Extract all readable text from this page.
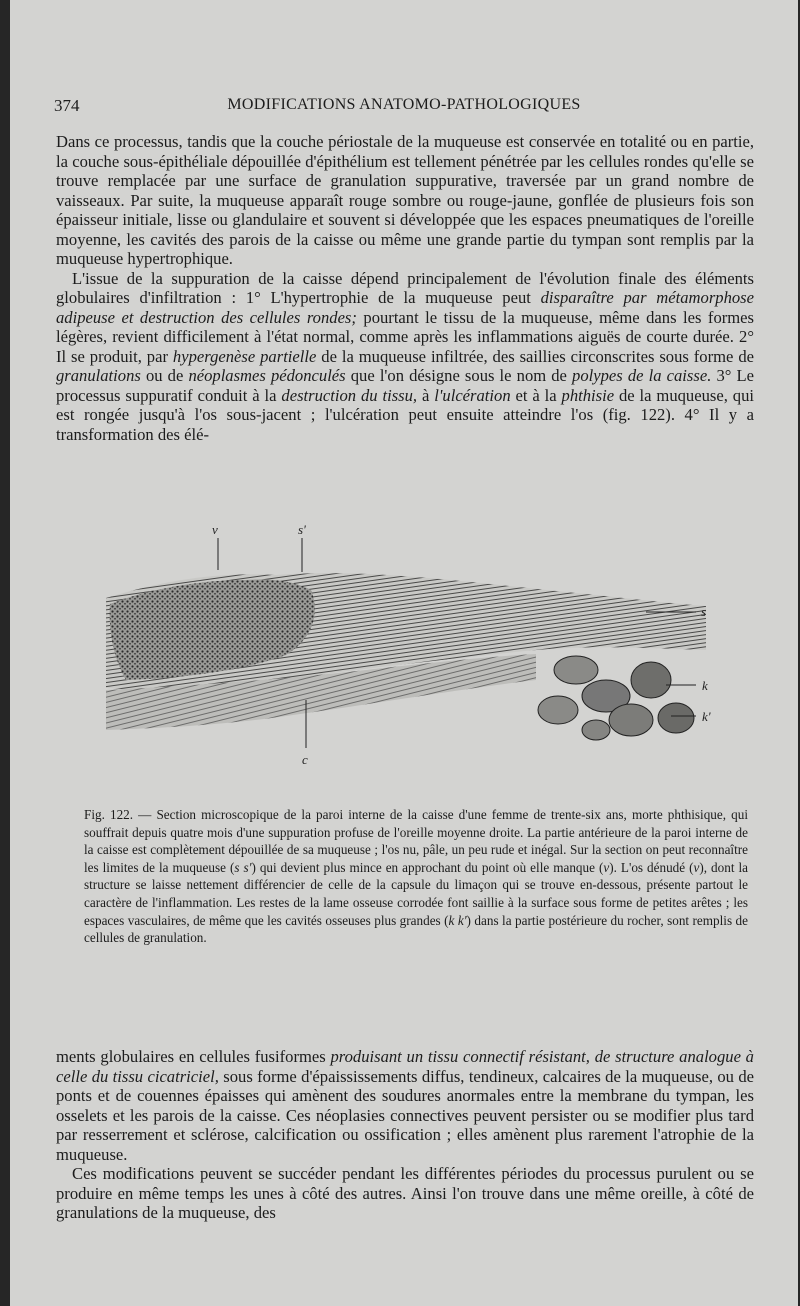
374	MODIFICATIONS ANATOMO-PATHOLOGIQUES

Dans ce processus, tandis que la couche périostale de la muqueuse est conservée en totalité ou en partie, la couche sous-épithéliale dépouillée d'épithélium est tellement pénétrée par les cellules rondes qu'elle se trouve remplacée par une surface de granulation suppurative, traversée par un grand nombre de vaisseaux. Par suite, la muqueuse apparaît rouge sombre ou rouge-jaune, gonflée de plusieurs fois son épaisseur initiale, lisse ou glandulaire et souvent si développée que les espaces pneumatiques de l'oreille moyenne, les cavités des parois de la caisse ou même une grande partie du tympan sont remplis par la muqueuse hypertrophique.

L'issue de la suppuration de la caisse dépend principalement de l'évolution finale des éléments globulaires d'infiltration : 1° L'hypertrophie de la muqueuse peut disparaître par métamorphose adipeuse et destruction des cellules rondes; pourtant le tissu de la muqueuse, même dans les formes légères, revient difficilement à l'état normal, comme après les inflammations aiguës de courte durée. 2° Il se produit, par hypergenèse partielle de la muqueuse infiltrée, des saillies circonscrites sous forme de granulations ou de néoplasmes pédonculés que l'on désigne sous le nom de polypes de la caisse. 3° Le processus suppuratif conduit à la destruction du tissu, à l'ulcération et à la phthisie de la muqueuse, qui est rongée jusqu'à l'os sous-jacent ; l'ulcération peut ensuite atteindre l'os (fig. 122). 4° Il y a transformation des élé-

v	s'
s
k
k'
c
Fig. 122. — Section microscopique de la paroi interne de la caisse d'une femme de trente-six ans, morte phthisique, qui souffrait depuis quatre mois d'une suppuration profuse de l'oreille moyenne droite. La partie antérieure de la paroi interne de la caisse est complètement dépouillée de sa muqueuse ; l'os nu, pâle, un peu rude et inégal. Sur la section on peut reconnaître les limites de la muqueuse (s s') qui devient plus mince en approchant du point où elle manque (v). L'os dénudé (v), dont la structure se laisse nettement différencier de celle de la capsule du limaçon qui se trouve en-dessous, présente partout le caractère de l'inflammation. Les restes de la lame osseuse corrodée font saillie à la surface sous forme de petites arêtes ; les espaces vasculaires, de même que les cavités osseuses plus grandes (k k') dans la partie postérieure du rocher, sont remplis de cellules de granulation.

ments globulaires en cellules fusiformes produisant un tissu connectif résistant, de structure analogue à celle du tissu cicatriciel, sous forme d'épaississements diffus, tendineux, calcaires de la muqueuse, ou de ponts et de couennes épaisses qui amènent des soudures anormales entre la membrane du tympan, les osselets et les parois de la caisse. Ces néoplasies connectives peuvent persister ou se modifier plus tard par resserrement et sclérose, calcification ou ossification ; elles amènent plus rarement l'atrophie de la muqueuse.

Ces modifications peuvent se succéder pendant les différentes périodes du processus purulent ou se produire en même temps les unes à côté des autres. Ainsi l'on trouve dans une même oreille, à côté de granulations de la muqueuse, des
